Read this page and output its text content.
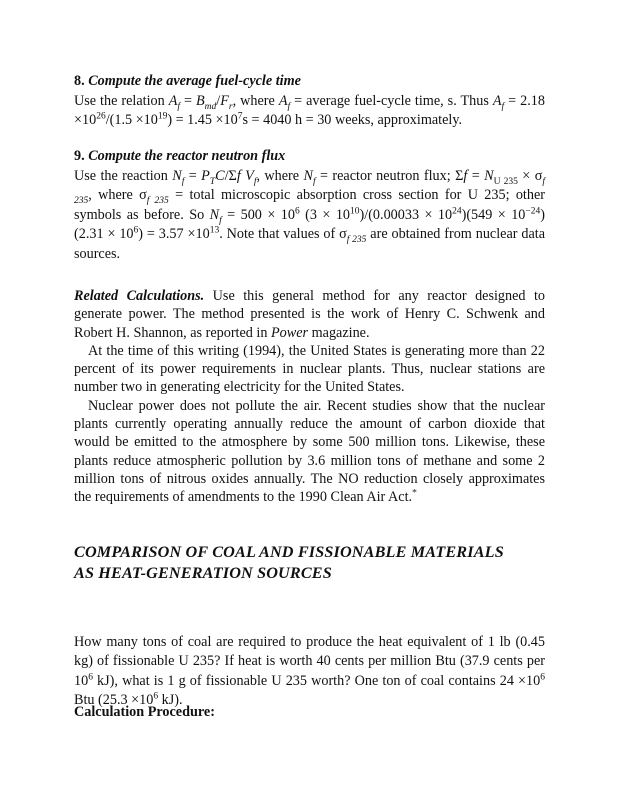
8. Compute the average fuel-cycle time

Use the relation $A_f = B_{md}/F_r$, where $A_f$ = average fuel-cycle time, s. Thus $A_f = 2.18 \times 10^{26}/(1.5 \times 10^{19}) = 1.45 \times 10^7s = 4040$ h = 30 weeks, approximately.

9. Compute the reactor neutron flux

Use the reaction $N_f = P_TC/\Sigma f$ $V_f$, where $N_f$ = reactor neutron flux; $\Sigma f = N_{U 235} \times \sigma_{f 235}$, where $\sigma_{f 235}$ = total microscopic absorption cross section for U 235; other symbols as before. So $N_f = 500 \times 10^6$ $(3 \times 10^{10})/(0.00033 \times 10^{24})(549 \times 10^{-24})(2.31 \times 10^6) = 3.57 \times 10^{13}$. Note that values of $\sigma_{f 235}$ are obtained from nuclear data sources.

Related Calculations. Use this general method for any reactor designed to generate power. The method presented is the work of Henry C. Schwenk and Robert H. Shannon, as reported in Power magazine.

At the time of this writing (1994), the United States is generating more than 22 percent of its power requirements in nuclear plants. Thus, nuclear stations are number two in generating electricity for the United States.

Nuclear power does not pollute the air. Recent studies show that the nuclear plants currently operating annually reduce the amount of carbon dioxide that would be emitted to the atmosphere by some 500 million tons. Likewise, these plants reduce atmospheric pollution by 3.6 million tons of methane and some 2 million tons of nitrous oxides annually. The NO reduction closely approximates the requirements of amendments to the 1990 Clean Air Act.*

COMPARISON OF COAL AND FISSIONABLE MATERIALS
AS HEAT-GENERATION SOURCES

How many tons of coal are required to produce the heat equivalent of 1 lb (0.45 kg) of fissionable U 235? If heat is worth 40 cents per million Btu (37.9 cents per $10^6$ kJ), what is 1 g of fissionable U 235 worth? One ton of coal contains $24 \times 10^6$ Btu ($25.3 \times 10^6$ kJ).

Calculation Procedure:
